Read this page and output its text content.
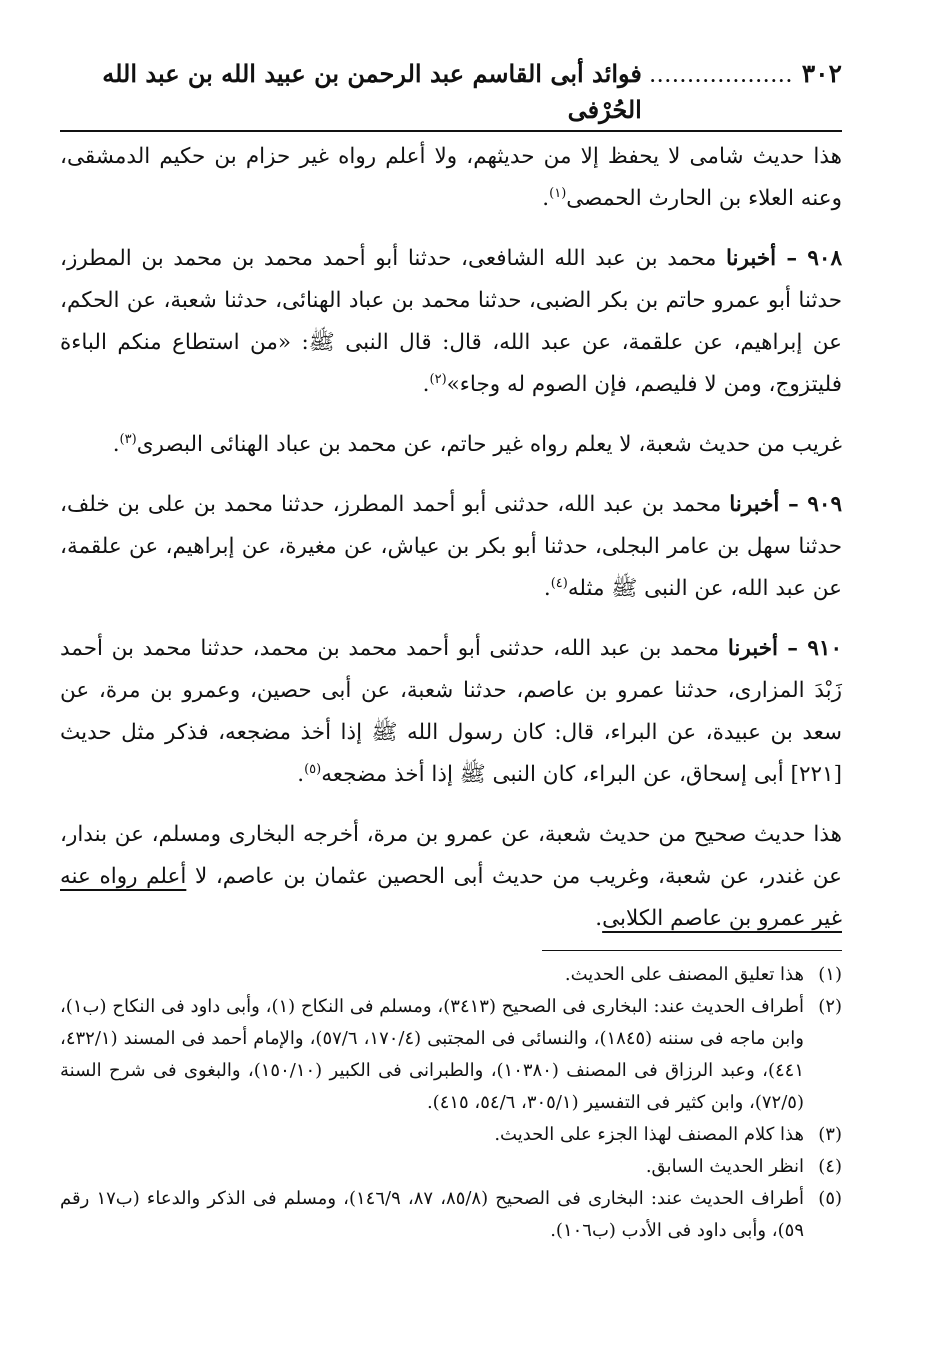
٣٠٢
...................
فوائد أبى القاسم عبد الرحمن بن عبيد الله بن عبد الله الحُرْفى

هذا حديث شامى لا يحفظ إلا من حديثهم، ولا أعلم رواه غير حزام بن حكيم الدمشقى، وعنه العلاء بن الحارث الحمصى$^{(١)}$.

٩٠٨ – أخبرنا محمد بن عبد الله الشافعى، حدثنا أبو أحمد محمد بن محمد بن المطرز، حدثنا أبو عمرو حاتم بن بكر الضبى، حدثنا محمد بن عباد الهنائى، حدثنا شعبة، عن الحكم، عن إبراهيم، عن علقمة، عن عبد الله، قال: قال النبى ﷺ: «من استطاع منكم الباءة فليتزوج، ومن لا فليصم، فإن الصوم له وجاء»$^{(٢)}$.

غريب من حديث شعبة، لا يعلم رواه غير حاتم، عن محمد بن عباد الهنائى البصرى$^{(٣)}$.

٩٠٩ – أخبرنا محمد بن عبد الله، حدثنى أبو أحمد المطرز، حدثنا محمد بن على بن خلف، حدثنا سهل بن عامر البجلى، حدثنا أبو بكر بن عياش، عن مغيرة، عن إبراهيم، عن علقمة، عن عبد الله، عن النبى ﷺ مثله$^{(٤)}$.

٩١٠ – أخبرنا محمد بن عبد الله، حدثنى أبو أحمد محمد بن محمد، حدثنا محمد بن أحمد زَبْدَ المزارى، حدثنا عمرو بن عاصم، حدثنا شعبة، عن أبى حصين، وعمرو بن مرة، عن سعد بن عبيدة، عن البراء، قال: كان رسول الله ﷺ إذا أخذ مضجعه، فذكر مثل حديث [٢٢١] أبى إسحاق، عن البراء، كان النبى ﷺ إذا أخذ مضجعه$^{(٥)}$.

هذا حديث صحيح من حديث شعبة، عن عمرو بن مرة، أخرجه البخارى ومسلم، عن بندار، عن غندر، عن شعبة، وغريب من حديث أبى الحصين عثمان بن عاصم، لا أعلم رواه عنه غير عمرو بن عاصم الكلابى.

(١)هذا تعليق المصنف على الحديث.

(٢)أطراف الحديث عند: البخارى فى الصحيح (٣٤١٣)، ومسلم فى النكاح (١)، وأبى داود فى النكاح (ب١)، وابن ماجه فى سننه (١٨٤٥)، والنسائى فى المجتبى (١٧٠/٤، ٥٧/٦)، والإمام أحمد فى المسند (٤٣٢/١، ٤٤١)، وعبد الرزاق فى المصنف (١٠٣٨٠)، والطبرانى فى الكبير (١٥٠/١٠)، والبغوى فى شرح السنة (٧٢/٥)، وابن كثير فى التفسير (٣٠٥/١، ٥٤/٦، ٤١٥).

(٣)هذا كلام المصنف لهذا الجزء على الحديث.

(٤)انظر الحديث السابق.

(٥)أطراف الحديث عند: البخارى فى الصحيح (٨٥/٨، ٨٧، ١٤٦/٩)، ومسلم فى الذكر والدعاء (ب١٧ رقم ٥٩)، وأبى داود فى الأدب (ب١٠٦).
